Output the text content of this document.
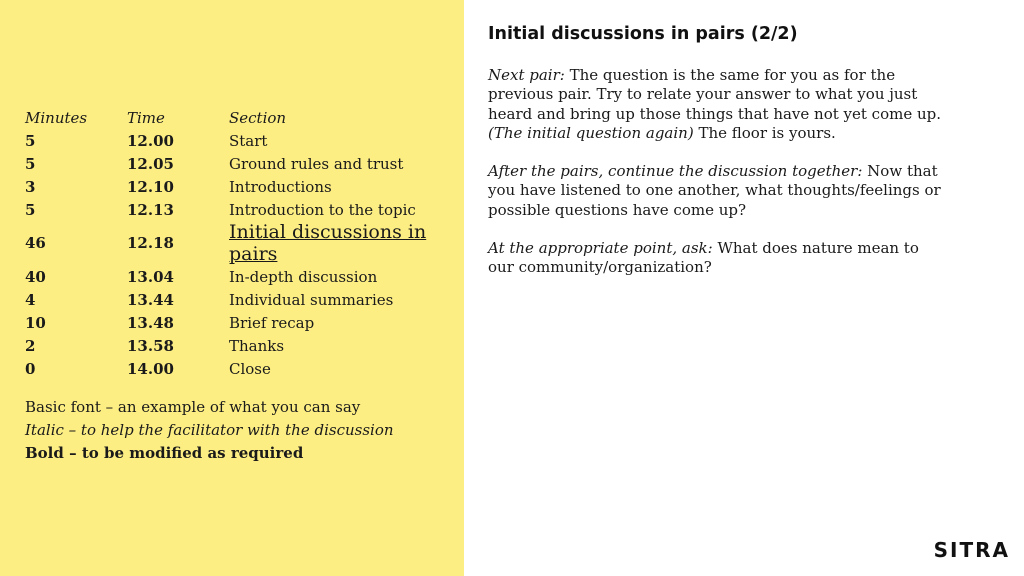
Minutes	Time	Section
5	12.00	Start
5	12.05	Ground rules and trust
3	12.10	Introductions
5	12.13	Introduction to the topic
46	12.18	Initial discussions in pairs
40	13.04	In-depth discussion
4	13.44	Individual summaries
10	13.48	Brief recap
2	13.58	Thanks
0	14.00	Close
Basic font – an example of what you can say
Italic – to help the facilitator with the discussion
Bold – to be modified as required
Initial discussions in pairs (2/2)

Next pair: The question is the same for you as for the previous pair. Try to relate your answer to what you just heard and bring up those things that have not yet come up. (The initial question again) The floor is yours.

After the pairs, continue the discussion together: Now that you have listened to one another, what thoughts/feelings or possible questions have come up?

At the appropriate point, ask: What does nature mean to our community/organization?

SITRA
